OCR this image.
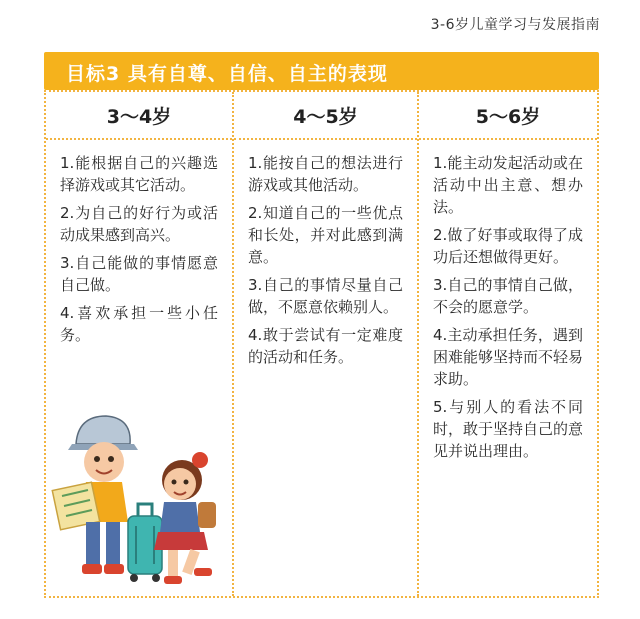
3-6岁儿童学习与发展指南
目标3 具有自尊、自信、自主的表现
3～4岁
1.能根据自己的兴趣选择游戏或其它活动。
2.为自己的好行为或活动成果感到高兴。
3.自己能做的事情愿意自己做。
4.喜欢承担一些小任务。
4～5岁
1.能按自己的想法进行游戏或其他活动。
2.知道自己的一些优点和长处，并对此感到满意。
3.自己的事情尽量自己做，不愿意依赖别人。
4.敢于尝试有一定难度的活动和任务。
5～6岁
1.能主动发起活动或在活动中出主意、想办法。
2.做了好事或取得了成功后还想做得更好。
3.自己的事情自己做，不会的愿意学。
4.主动承担任务，遇到困难能够坚持而不轻易求助。
5.与别人的看法不同时，敢于坚持自己的意见并说出理由。
